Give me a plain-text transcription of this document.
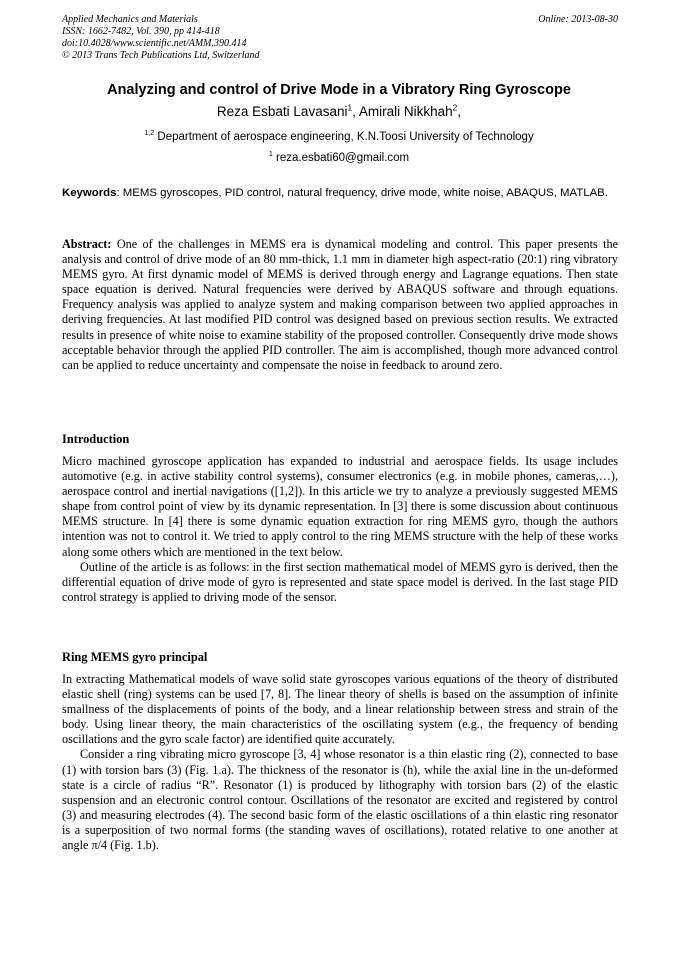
Applied Mechanics and Materials
ISSN: 1662-7482, Vol. 390, pp 414-418
doi:10.4028/www.scientific.net/AMM.390.414
© 2013 Trans Tech Publications Ltd, Switzerland
Online: 2013-08-30
Analyzing and control of Drive Mode in a Vibratory Ring Gyroscope
Reza Esbati Lavasani$^1$, Amirali Nikkhah$^2$,
$^{1,2}$ Department of aerospace engineering, K.N.Toosi University of Technology
$^1$ reza.esbati60@gmail.com
Keywords: MEMS gyroscopes, PID control, natural frequency, drive mode, white noise, ABAQUS, MATLAB.
Abstract: One of the challenges in MEMS era is dynamical modeling and control. This paper presents the analysis and control of drive mode of an 80 mm-thick, 1.1 mm in diameter high aspect-ratio (20:1) ring vibratory MEMS gyro. At first dynamic model of MEMS is derived through energy and Lagrange equations. Then state space equation is derived. Natural frequencies were derived by ABAQUS software and through equations. Frequency analysis was applied to analyze system and making comparison between two applied approaches in deriving frequencies. At last modified PID control was designed based on previous section results. We extracted results in presence of white noise to examine stability of the proposed controller. Consequently drive mode shows acceptable behavior through the applied PID controller. The aim is accomplished, though more advanced control can be applied to reduce uncertainty and compensate the noise in feedback to around zero.
Introduction

Micro machined gyroscope application has expanded to industrial and aerospace fields. Its usage includes automotive (e.g. in active stability control systems), consumer electronics (e.g. in mobile phones, cameras,…), aerospace control and inertial navigations ([1,2]). In this article we try to analyze a previously suggested MEMS shape from control point of view by its dynamic representation. In [3] there is some discussion about continuous MEMS structure. In [4] there is some dynamic equation extraction for ring MEMS gyro, though the authors intention was not to control it. We tried to apply control to the ring MEMS structure with the help of these works along some others which are mentioned in the text below.

Outline of the article is as follows: in the first section mathematical model of MEMS gyro is derived, then the differential equation of drive mode of gyro is represented and state space model is derived. In the last stage PID control strategy is applied to driving mode of the sensor.

Ring MEMS gyro principal

In extracting Mathematical models of wave solid state gyroscopes various equations of the theory of distributed elastic shell (ring) systems can be used [7, 8]. The linear theory of shells is based on the assumption of infinite smallness of the displacements of points of the body, and a linear relationship between stress and strain of the body. Using linear theory, the main characteristics of the oscillating system (e.g., the frequency of bending oscillations and the gyro scale factor) are identified quite accurately.

Consider a ring vibrating micro gyroscope [3, 4] whose resonator is a thin elastic ring (2), connected to base (1) with torsion bars (3) (Fig. 1.a). The thickness of the resonator is (h), while the axial line in the un-deformed state is a circle of radius “R”. Resonator (1) is produced by lithography with torsion bars (2) of the elastic suspension and an electronic control contour. Oscillations of the resonator are excited and registered by control (3) and measuring electrodes (4). The second basic form of the elastic oscillations of a thin elastic ring resonator is a superposition of two normal forms (the standing waves of oscillations), rotated relative to one another at angle π/4 (Fig. 1.b).
